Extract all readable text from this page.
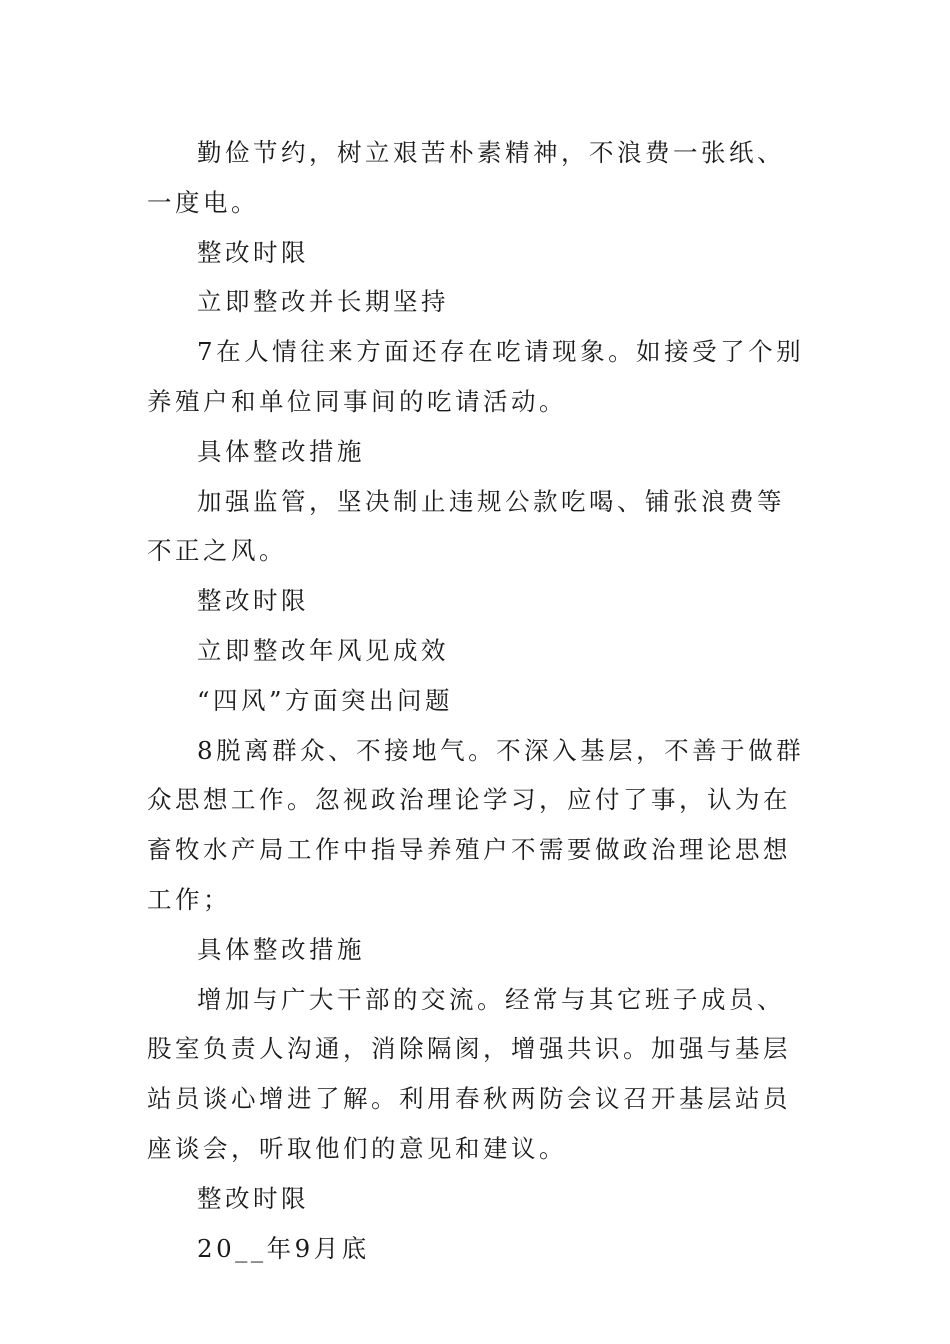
勤俭节约，树立艰苦朴素精神，不浪费一张纸、一度电。

整改时限

立即整改并长期坚持

7在人情往来方面还存在吃请现象。如接受了个别养殖户和单位同事间的吃请活动。

具体整改措施

加强监管，坚决制止违规公款吃喝、铺张浪费等不正之风。

整改时限

立即整改年风见成效

“四风”方面突出问题

8脱离群众、不接地气。不深入基层，不善于做群众思想工作。忽视政治理论学习，应付了事，认为在畜牧水产局工作中指导养殖户不需要做政治理论思想工作；

具体整改措施

增加与广大干部的交流。经常与其它班子成员、股室负责人沟通，消除隔阂，增强共识。加强与基层站员谈心增进了解。利用春秋两防会议召开基层站员座谈会，听取他们的意见和建议。

整改时限

20__年9月底
